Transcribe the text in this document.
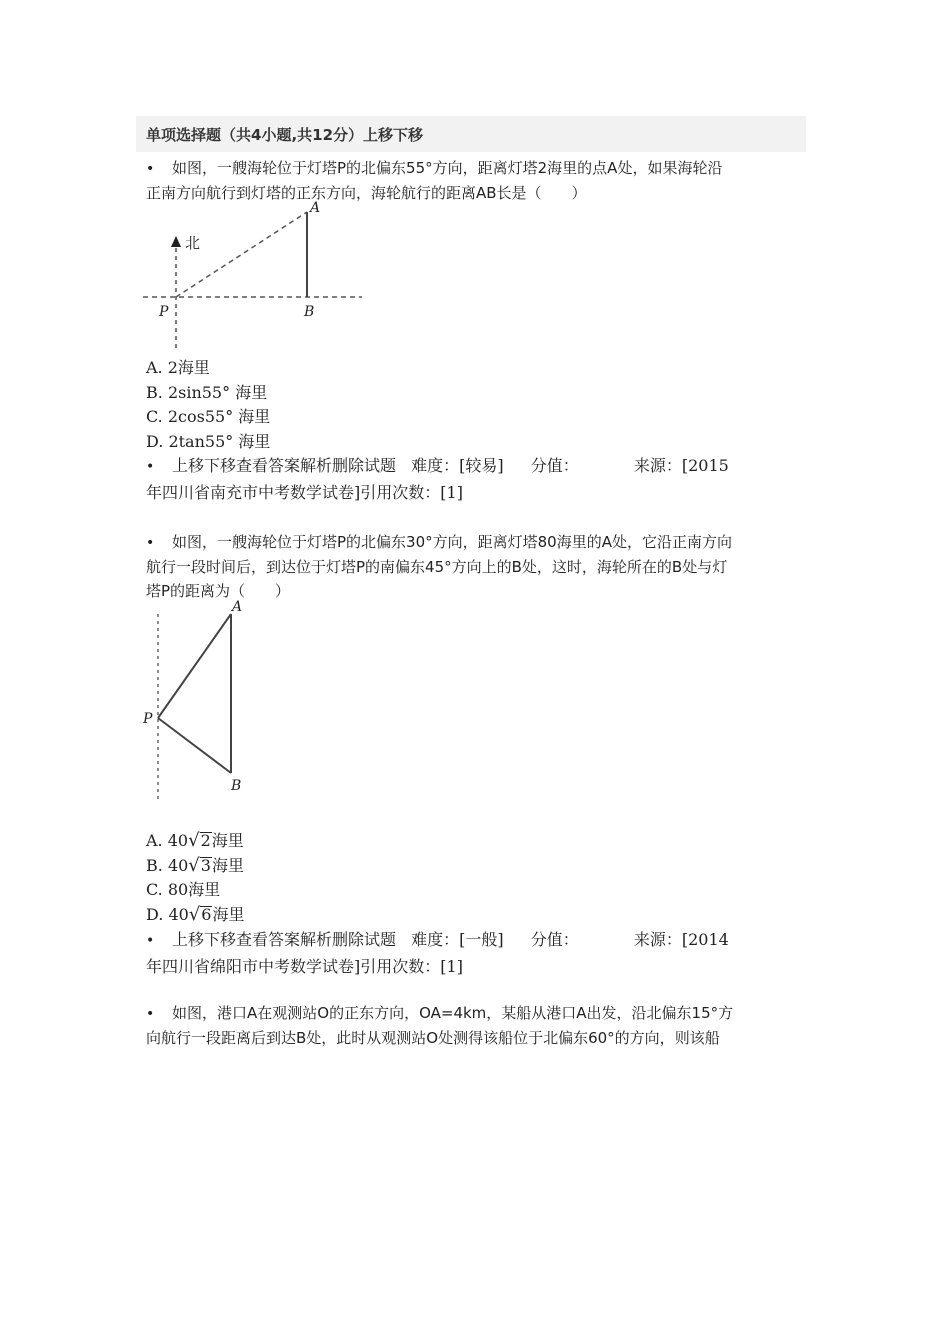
单项选择题（共4小题,共12分）上移下移
• 如图，一艘海轮位于灯塔P的北偏东55°方向，距离灯塔2海里的点A处，如果海轮沿
正南方向航行到灯塔的正东方向，海轮航行的距离AB长是（　　）
北
A
P	B
A. 2海里
B. 2sin55° 海里
C. 2cos55° 海里
D. 2tan55° 海里
• 上移下移查看答案解析删除试题 难度：[较易] 分值：	来源：[2015
年四川省南充市中考数学试卷]引用次数：[1]
• 如图，一艘海轮位于灯塔P的北偏东30°方向，距离灯塔80海里的A处，它沿正南方向
航行一段时间后，到达位于灯塔P的南偏东45°方向上的B处，这时，海轮所在的B处与灯
塔P的距离为（　　）
A
P
B
A. 40√2海里
B. 40√3海里
C. 80海里
D. 40√6海里
• 上移下移查看答案解析删除试题 难度：[一般] 分值：	来源：[2014
年四川省绵阳市中考数学试卷]引用次数：[1]
• 如图，港口A在观测站O的正东方向，OA=4km，某船从港口A出发，沿北偏东15°方
向航行一段距离后到达B处，此时从观测站O处测得该船位于北偏东60°的方向，则该船
